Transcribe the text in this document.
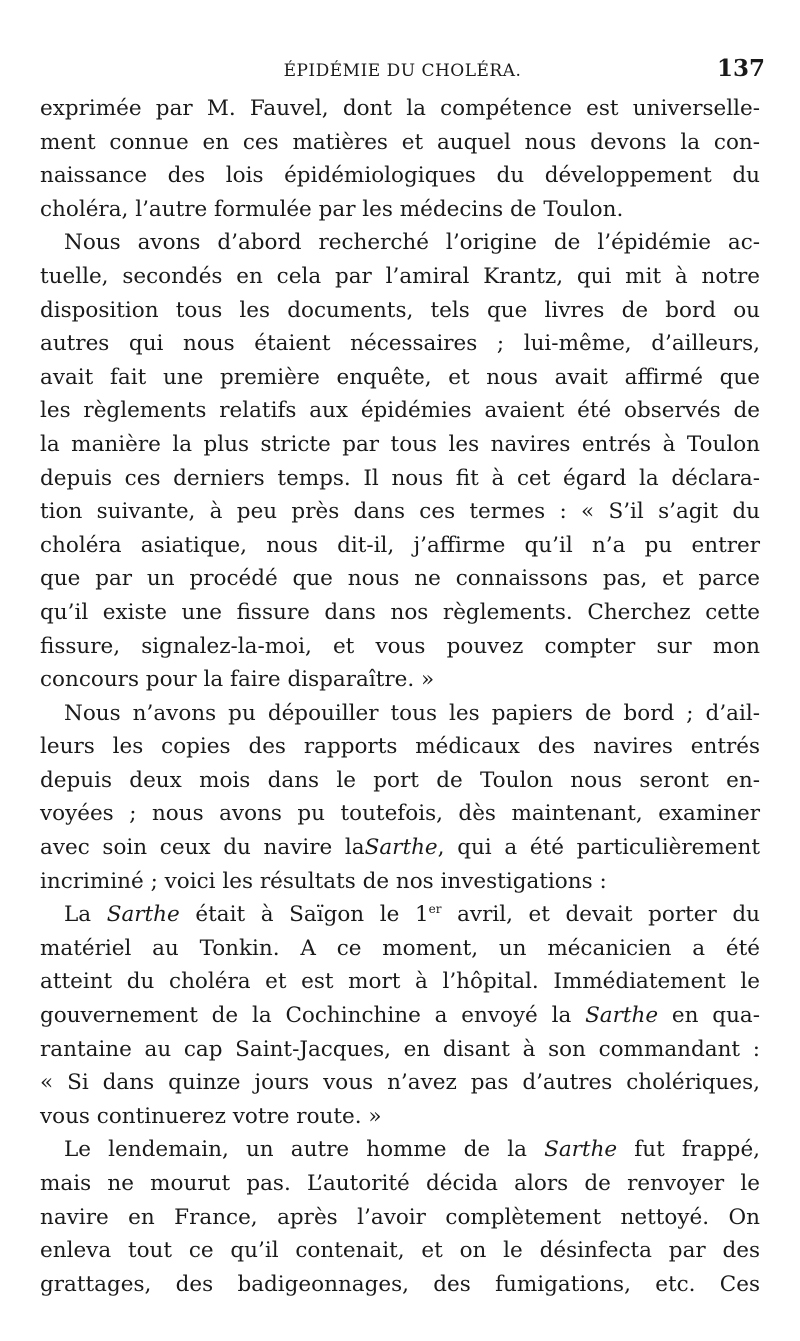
ÉPIDÉMIE DU CHOLÉRA.	137
exprimée par M. Fauvel, dont la compétence est universelle-
ment connue en ces matières et auquel nous devons la con-
naissance des lois épidémiologiques du développement du
choléra, l’autre formulée par les médecins de Toulon.
Nous avons d’abord recherché l’origine de l’épidémie ac-
tuelle, secondés en cela par l’amiral Krantz, qui mit à notre
disposition tous les documents, tels que livres de bord ou
autres qui nous étaient nécessaires ; lui-même, d’ailleurs,
avait fait une première enquête, et nous avait affirmé que
les règlements relatifs aux épidémies avaient été observés de
la manière la plus stricte par tous les navires entrés à Toulon
depuis ces derniers temps. Il nous fit à cet égard la déclara-
tion suivante, à peu près dans ces termes : « S’il s’agit du
choléra asiatique, nous dit-il, j’affirme qu’il n’a pu entrer
que par un procédé que nous ne connaissons pas, et parce
qu’il existe une fissure dans nos règlements. Cherchez cette
fissure, signalez-la-moi, et vous pouvez compter sur mon
concours pour la faire disparaître. »
Nous n’avons pu dépouiller tous les papiers de bord ; d’ail-
leurs les copies des rapports médicaux des navires entrés
depuis deux mois dans le port de Toulon nous seront en-
voyées ; nous avons pu toutefois, dès maintenant, examiner
avec soin ceux du navire laSarthe, qui a été particulièrement
incriminé ; voici les résultats de nos investigations :
La Sarthe était à Saïgon le 1er avril, et devait porter du
matériel au Tonkin. A ce moment, un mécanicien a été
atteint du choléra et est mort à l’hôpital. Immédiatement le
gouvernement de la Cochinchine a envoyé la Sarthe en qua-
rantaine au cap Saint-Jacques, en disant à son commandant :
« Si dans quinze jours vous n’avez pas d’autres cholériques,
vous continuerez votre route. »
Le lendemain, un autre homme de la Sarthe fut frappé,
mais ne mourut pas. L’autorité décida alors de renvoyer le
navire en France, après l’avoir complètement nettoyé. On
enleva tout ce qu’il contenait, et on le désinfecta par des
grattages, des badigeonnages, des fumigations, etc. Ces
